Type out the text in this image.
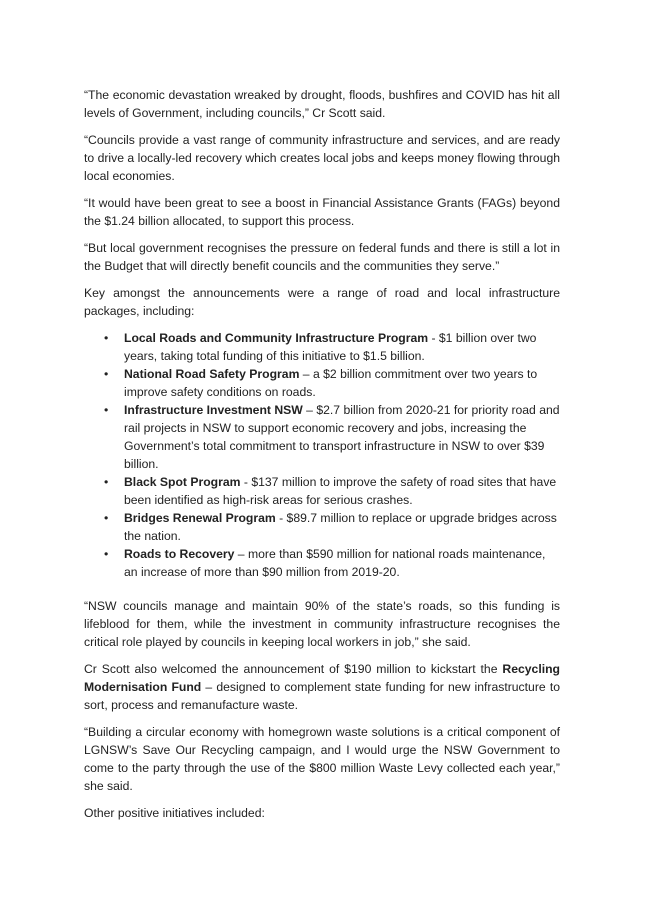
“The economic devastation wreaked by drought, floods, bushfires and COVID has hit all levels of Government, including councils,” Cr Scott said.

“Councils provide a vast range of community infrastructure and services, and are ready to drive a locally-led recovery which creates local jobs and keeps money flowing through local economies.

“It would have been great to see a boost in Financial Assistance Grants (FAGs) beyond the $1.24 billion allocated, to support this process.

“But local government recognises the pressure on federal funds and there is still a lot in the Budget that will directly benefit councils and the communities they serve.”

Key amongst the announcements were a range of road and local infrastructure packages, including:

• Local Roads and Community Infrastructure Program - $1 billion over two years, taking total funding of this initiative to $1.5 billion.
• National Road Safety Program – a $2 billion commitment over two years to improve safety conditions on roads.
• Infrastructure Investment NSW – $2.7 billion from 2020-21 for priority road and rail projects in NSW to support economic recovery and jobs, increasing the Government’s total commitment to transport infrastructure in NSW to over $39 billion.
• Black Spot Program - $137 million to improve the safety of road sites that have been identified as high-risk areas for serious crashes.
• Bridges Renewal Program - $89.7 million to replace or upgrade bridges across the nation.
• Roads to Recovery – more than $590 million for national roads maintenance, an increase of more than $90 million from 2019-20.

“NSW councils manage and maintain 90% of the state’s roads, so this funding is lifeblood for them, while the investment in community infrastructure recognises the critical role played by councils in keeping local workers in job,” she said.

Cr Scott also welcomed the announcement of $190 million to kickstart the Recycling Modernisation Fund – designed to complement state funding for new infrastructure to sort, process and remanufacture waste.

“Building a circular economy with homegrown waste solutions is a critical component of LGNSW’s Save Our Recycling campaign, and I would urge the NSW Government to come to the party through the use of the $800 million Waste Levy collected each year,” she said.

Other positive initiatives included:
